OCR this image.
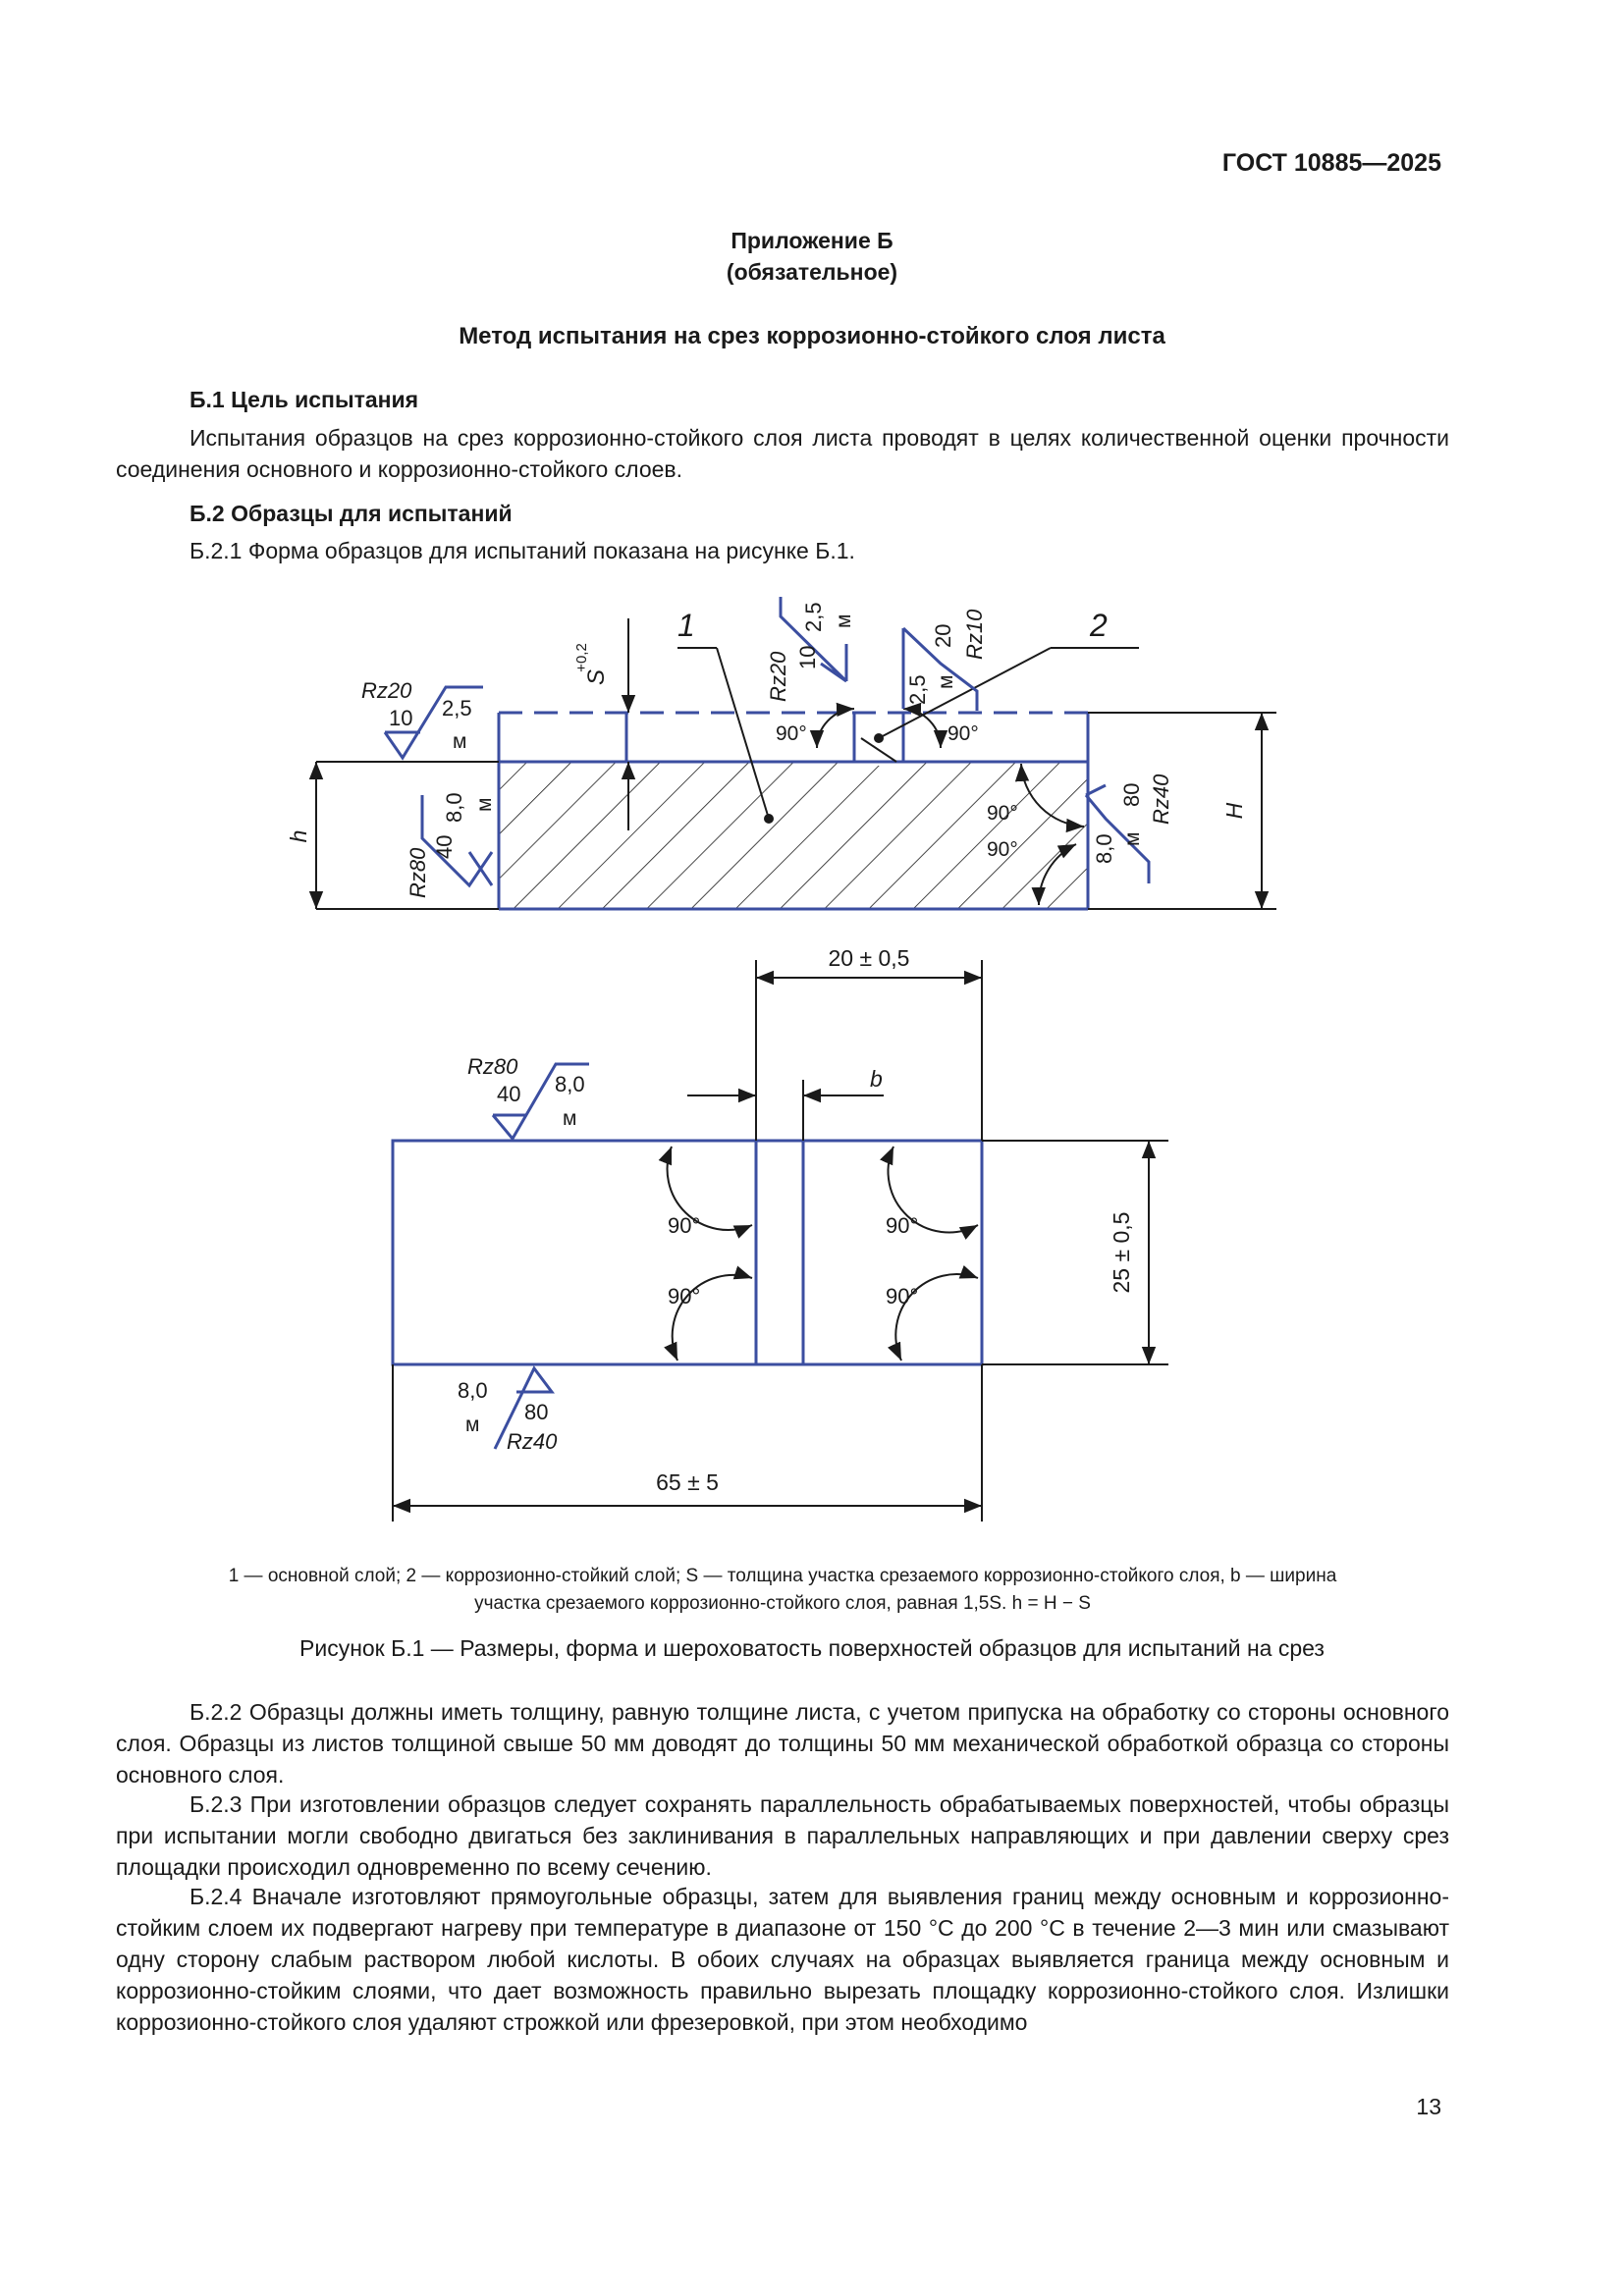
ГОСТ 10885—2025
Приложение Б
(обязательное)
Метод испытания на срез коррозионно-стойкого слоя листа
Б.1 Цель испытания
Испытания образцов на срез коррозионно-стойкого слоя листа проводят в целях количественной оценки прочности соединения основного и коррозионно-стойкого слоев.
Б.2 Образцы для испытаний
Б.2.1 Форма образцов для испытаний показана на рисунке Б.1.
h
H
S
+0,2
1	2
90°	90°
90°
90°
Rz20
10 2,5
м
Rz80
40
8,0 м
Rz20 10
2,5 м
2,5 м
20 Rz10
8,0 м
80 Rz40
25 ± 0,5
20 ± 0,5
b
65 ± 5
90°
90°
90°
90°
Rz80
40 8,0
м
8,0
м
80
Rz40
1 — основной слой; 2 — коррозионно-стойкий слой; S — толщина участка срезаемого коррозионно-стойкого слоя, b — ширина
участка срезаемого коррозионно-стойкого слоя, равная 1,5S. h = H − S
Рисунок Б.1 — Размеры, форма и шероховатость поверхностей образцов для испытаний на срез
Б.2.2 Образцы должны иметь толщину, равную толщине листа, с учетом припуска на обработку со стороны основного слоя. Образцы из листов толщиной свыше 50 мм доводят до толщины 50 мм механической обработкой образца со стороны основного слоя.
Б.2.3 При изготовлении образцов следует сохранять параллельность обрабатываемых поверхностей, чтобы образцы при испытании могли свободно двигаться без заклинивания в параллельных направляющих и при давлении сверху срез площадки происходил одновременно по всему сечению.
Б.2.4 Вначале изготовляют прямоугольные образцы, затем для выявления границ между основным и коррозионно-стойким слоем их подвергают нагреву при температуре в диапазоне от 150 °С до 200 °С в течение 2—3 мин или смазывают одну сторону слабым раствором любой кислоты. В обоих случаях на образцах выявляется граница между основным и коррозионно-стойким слоями, что дает возможность правильно вырезать площадку коррозионно-стойкого слоя. Излишки коррозионно-стойкого слоя удаляют строжкой или фрезеровкой, при этом необходимо
13
